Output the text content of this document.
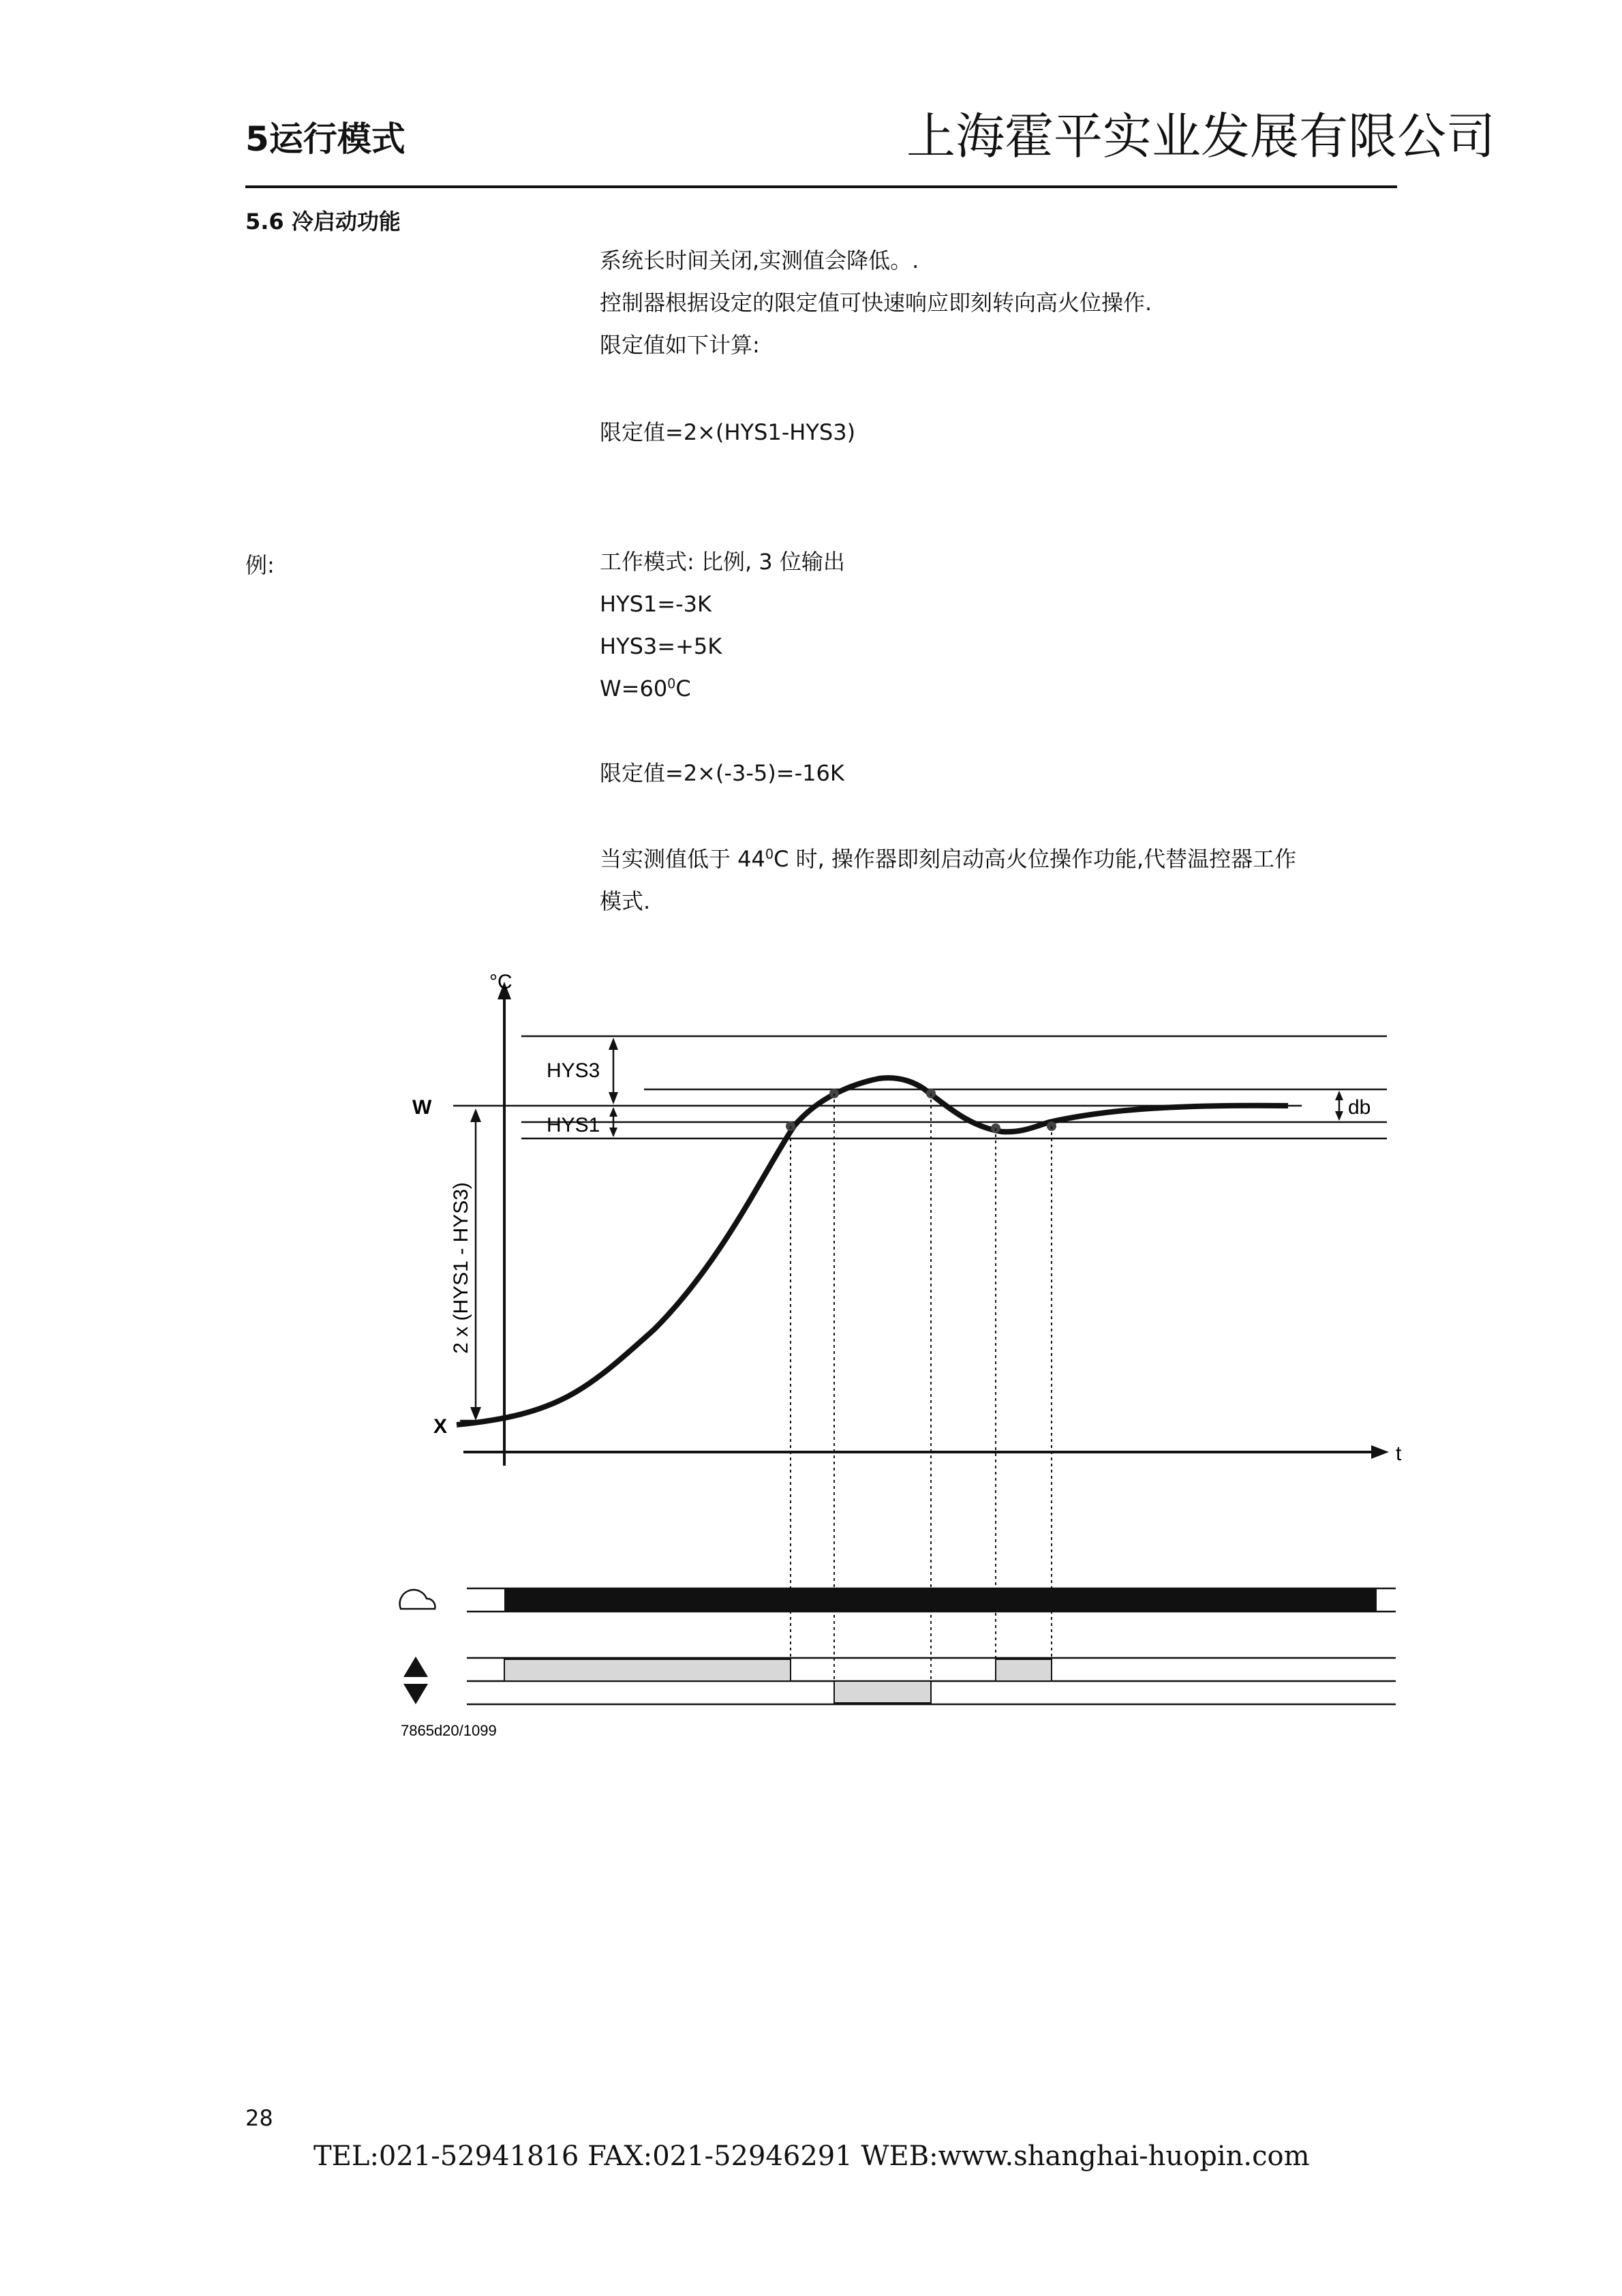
5运行模式	上海霍平实业发展有限公司
5.6 冷启动功能
系统长时间关闭,实测值会降低。.
控制器根据设定的限定值可快速响应即刻转向高火位操作.
限定值如下计算:
限定值=2×(HYS1-HYS3)
例:	工作模式: 比例, 3 位输出
HYS1=-3K
HYS3=+5K
$W=60^0C$
限定值=2×(-3-5)=-16K
当实测值低于 $44^0C$ 时, 操作器即刻启动高火位操作功能,代替温控器工作
模式.
°C
t
W
X
HYS3
HYS1
db
2 x (HYS1 - HYS3)
7865d20/1099
28
TEL:021-52941816 FAX:021-52946291 WEB:www.shanghai-huopin.com
